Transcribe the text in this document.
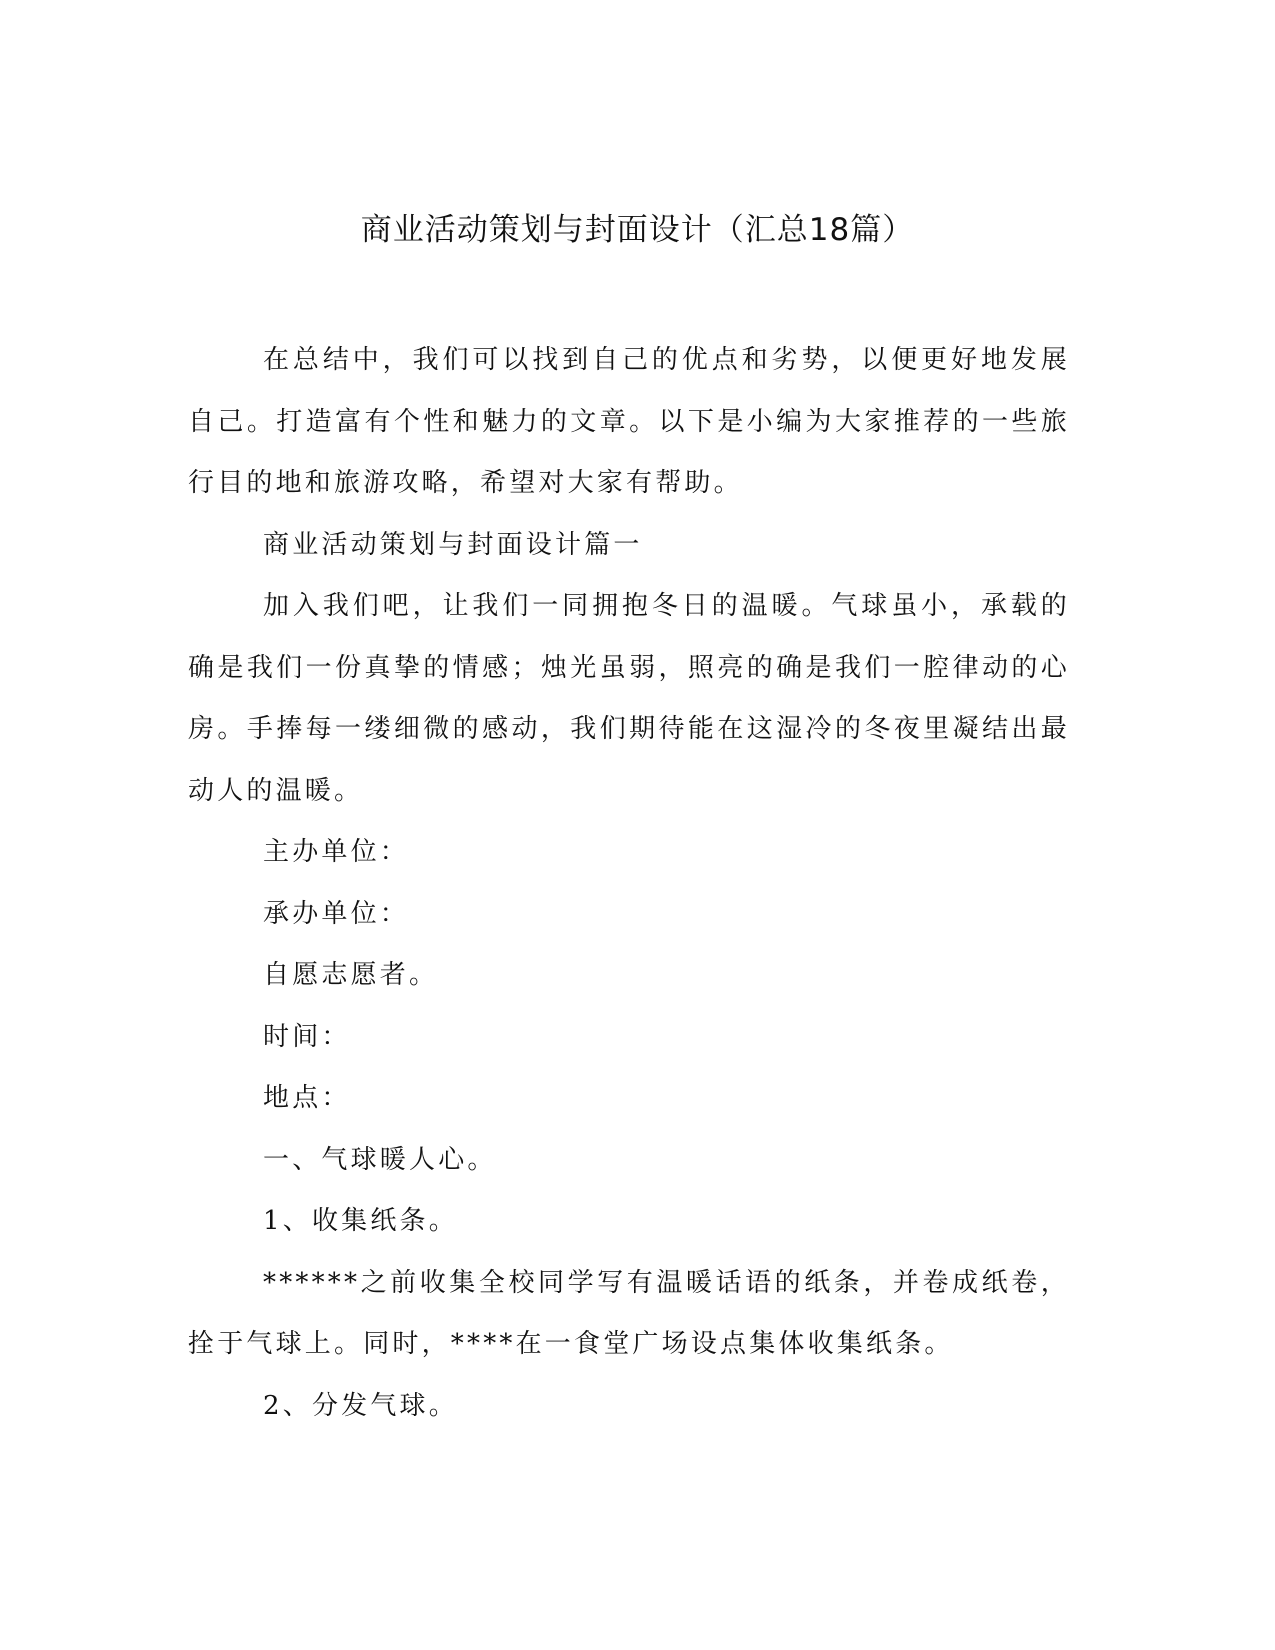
商业活动策划与封面设计（汇总18篇）

在总结中，我们可以找到自己的优点和劣势，以便更好地发展自己。打造富有个性和魅力的文章。以下是小编为大家推荐的一些旅行目的地和旅游攻略，希望对大家有帮助。

商业活动策划与封面设计篇一

加入我们吧，让我们一同拥抱冬日的温暖。气球虽小，承载的确是我们一份真挚的情感；烛光虽弱，照亮的确是我们一腔律动的心房。手捧每一缕细微的感动，我们期待能在这湿冷的冬夜里凝结出最动人的温暖。

主办单位：

承办单位：

自愿志愿者。

时间：

地点：

一、气球暖人心。

1、收集纸条。

******之前收集全校同学写有温暖话语的纸条，并卷成纸卷，拴于气球上。同时，****在一食堂广场设点集体收集纸条。

2、分发气球。
